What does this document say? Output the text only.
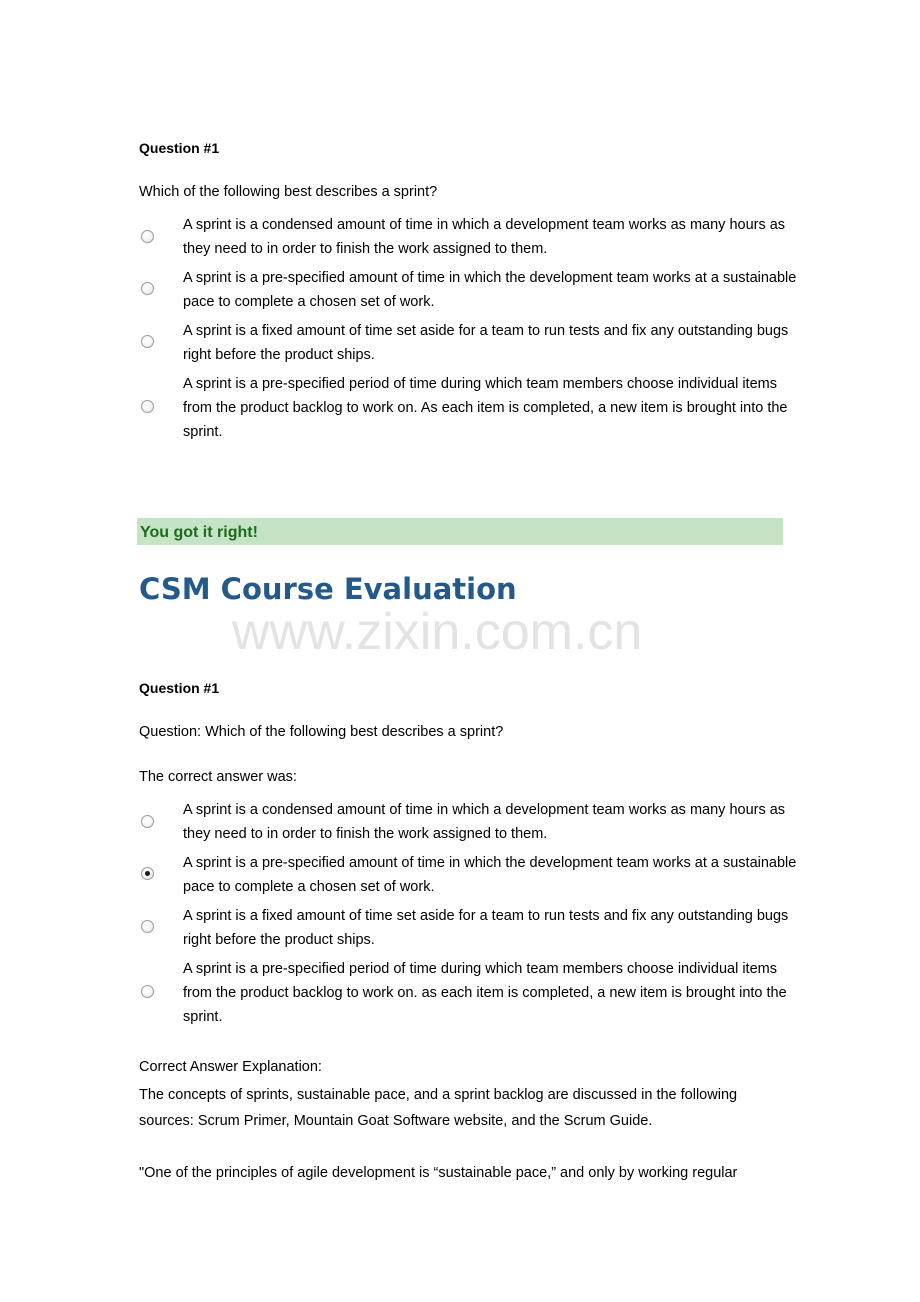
Question #1
Which of the following best describes a sprint?
A sprint is a condensed amount of time in which a development team works as many hours as they need to in order to finish the work assigned to them.
A sprint is a pre-specified amount of time in which the development team works at a sustainable pace to complete a chosen set of work.
A sprint is a fixed amount of time set aside for a team to run tests and fix any outstanding bugs right before the product ships.
A sprint is a pre-specified period of time during which team members choose individual items from the product backlog to work on. As each item is completed, a new item is brought into the sprint.
You got it right!
CSM Course Evaluation
www.zixin.com.cn
Question #1
Question: Which of the following best describes a sprint?
The correct answer was:
A sprint is a condensed amount of time in which a development team works as many hours as they need to in order to finish the work assigned to them.
A sprint is a pre-specified amount of time in which the development team works at a sustainable pace to complete a chosen set of work.
A sprint is a fixed amount of time set aside for a team to run tests and fix any outstanding bugs right before the product ships.
A sprint is a pre-specified period of time during which team members choose individual items from the product backlog to work on. as each item is completed, a new item is brought into the sprint.
Correct Answer Explanation:
The concepts of sprints, sustainable pace, and a sprint backlog are discussed in the following sources: Scrum Primer, Mountain Goat Software website, and the Scrum Guide.
"One of the principles of agile development is “sustainable pace,” and only by working regular
